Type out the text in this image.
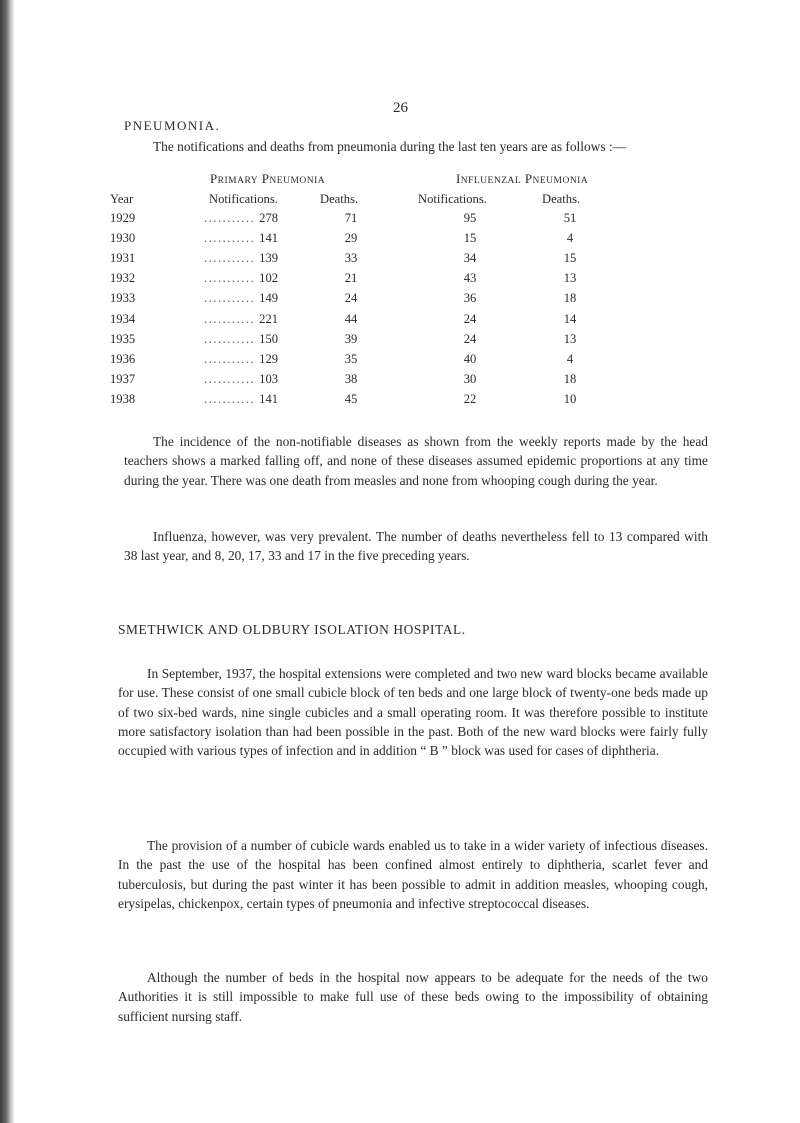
26
PNEUMONIA.
The notifications and deaths from pneumonia during the last ten years are as follows :—
PRIMARY PNEUMONIA	INFLUENZAL PNEUMONIA
Year	Notifications.	Deaths.	Notifications.	Deaths.
1929	........... 278	71	95	51
1930	........... 141	29	15	4
1931	........... 139	33	34	15
1932	........... 102	21	43	13
1933	........... 149	24	36	18
1934	........... 221	44	24	14
1935	........... 150	39	24	13
1936	........... 129	35	40	4
1937	........... 103	38	30	18
1938	........... 141	45	22	10
The incidence of the non-notifiable diseases as shown from the weekly reports made by the head teachers shows a marked falling off, and none of these diseases assumed epidemic proportions at any time during the year. There was one death from measles and none from whooping cough during the year.
Influenza, however, was very prevalent. The number of deaths nevertheless fell to 13 compared with 38 last year, and 8, 20, 17, 33 and 17 in the five preceding years.
SMETHWICK AND OLDBURY ISOLATION HOSPITAL.
In September, 1937, the hospital extensions were completed and two new ward blocks became available for use. These consist of one small cubicle block of ten beds and one large block of twenty-one beds made up of two six-bed wards, nine single cubicles and a small operating room. It was therefore possible to institute more satisfactory isolation than had been possible in the past. Both of the new ward blocks were fairly fully occupied with various types of infection and in addition “ B ” block was used for cases of diphtheria.
The provision of a number of cubicle wards enabled us to take in a wider variety of infectious diseases. In the past the use of the hospital has been confined almost entirely to diphtheria, scarlet fever and tuberculosis, but during the past winter it has been possible to admit in addition measles, whooping cough, erysipelas, chickenpox, certain types of pneumonia and infective streptococcal diseases.
Although the number of beds in the hospital now appears to be adequate for the needs of the two Authorities it is still impossible to make full use of these beds owing to the impossibility of obtaining sufficient nursing staff.
